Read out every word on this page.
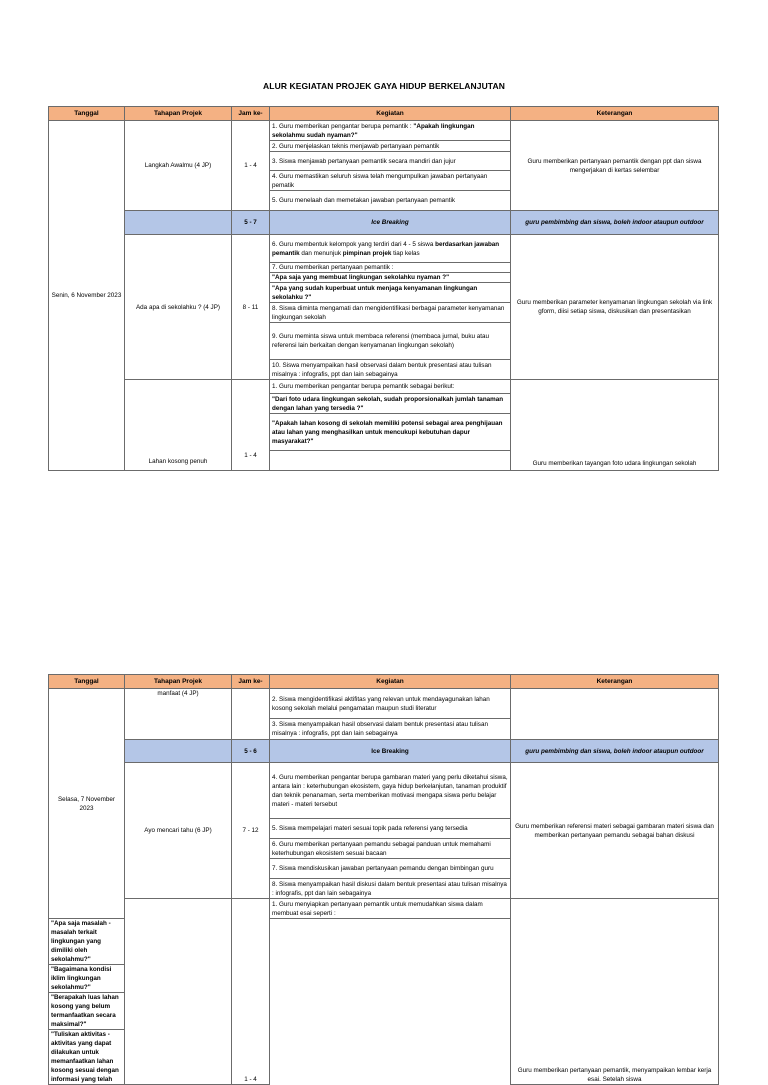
ALUR KEGIATAN PROJEK GAYA HIDUP BERKELANJUTAN
Tanggal	Tahapan Projek	Jam ke-	Kegiatan	Keterangan
Senin, 6 November 2023	Langkah Awalmu (4 JP)	1 - 4	1. Guru memberikan pengantar berupa pemantik : "Apakah lingkungan sekolahmu sudah nyaman?"	Guru memberikan pertanyaan pemantik dengan ppt dan siswa mengerjakan di kertas selembar
			2. Guru menjelaskan teknis menjawab pertanyaan pemantik	
			3. Siswa menjawab pertanyaan pemantik secara mandiri dan jujur	
			4. Guru memastikan seluruh siswa telah mengumpulkan jawaban pertanyaan pematik	
			5. Guru menelaah dan memetakan jawaban pertanyaan pemantik	
		5 - 7	Ice Breaking	guru pembimbing dan siswa, boleh indoor ataupun outdoor
	Ada apa di sekolahku ? (4 JP)	8 - 11	6. Guru membentuk kelompok yang terdiri dari 4 - 5 siswa berdasarkan jawaban pemantik dan menunjuk pimpinan projek tiap kelas	Guru memberikan parameter kenyamanan lingkungan sekolah via link gform, diisi setiap siswa, diskusikan dan presentasikan
			7. Guru memberikan pertanyaan pemantik :	
			"Apa saja yang membuat lingkungan sekolahku nyaman ?"	
			"Apa yang sudah kuperbuat untuk menjaga kenyamanan lingkungan sekolahku ?"	
			8. Siswa diminta mengamati dan mengidentifikasi berbagai parameter kenyamanan lingkungan sekolah	
			9. Guru meminta siswa untuk membaca referensi (membaca jurnal, buku atau referensi lain berkaitan dengan kenyamanan lingkungan sekolah)	
			10. Siswa menyampaikan hasil observasi dalam bentuk presentasi atau tulisan misalnya : infografis, ppt dan lain sebagainya	
	Lahan kosong penuh	1 - 4	1. Guru memberikan pengantar berupa pemantik sebagai berikut:	Guru memberikan tayangan foto udara lingkungan sekolah
			"Dari foto udara lingkungan sekolah, sudah proporsionalkah jumlah tanaman dengan lahan yang tersedia ?"	
			"Apakah lahan kosong di sekolah memiliki potensi sebagai area penghijauan atau lahan yang menghasilkan untuk mencukupi kebutuhan dapur masyarakat?"	

Tanggal	Tahapan Projek	Jam ke-	Kegiatan	Keterangan
Selasa, 7 November 2023	manfaat (4 JP)		2. Siswa mengidentifikasi aktifitas yang relevan untuk mendayagunakan lahan kosong sekolah melalui pengamatan maupun studi literatur	
			3. Siswa menyampaikan hasil observasi dalam bentuk presentasi atau tulisan misalnya : infografis, ppt dan lain sebagainya	
		5 - 6	Ice Breaking	guru pembimbing dan siswa, boleh indoor ataupun outdoor
	Ayo mencari tahu (6 JP)	7 - 12	4. Guru memberikan pengantar berupa gambaran materi yang perlu diketahui siswa, antara lain : keterhubungan ekosistem, gaya hidup berkelanjutan, tanaman produktif dan teknik penanaman, serta memberikan motivasi mengapa siswa perlu belajar materi - materi tersebut	Guru memberikan referensi materi sebagai gambaran materi siswa dan memberikan pertanyaan pemandu sebagai bahan diskusi
			5. Siswa mempelajari materi sesuai topik pada referensi yang tersedia	
			6. Guru memberikan pertanyaan pemandu sebagai panduan untuk memahami keterhubungan ekosistem sesuai bacaan	
			7. Siswa mendiskusikan jawaban pertanyaan pemandu dengan bimbingan guru	
			8. Siswa menyampaikan hasil diskusi dalam bentuk presentasi atau tulisan misalnya : infografis, ppt dan lain sebagainya	
		1 - 4	1. Guru menyiapkan pertanyaan pemantik untuk memudahkan siswa dalam membuat esai seperti :	Guru memberikan pertanyaan pemantik, menyampaikan lembar kerja esai. Setelah siswa
"Apa saja masalah - masalah terkait lingkungan yang dimiliki oleh sekolahmu?"				
"Bagaimana kondisi iklim lingkungan sekolahmu?"				
"Berapakah luas lahan kosong yang belum termanfaatkan secara maksimal?"				
"Tuliskan aktivitas - aktivitas yang dapat dilakukan untuk memanfaatkan lahan kosong sesuai dengan informasi yang telah				
